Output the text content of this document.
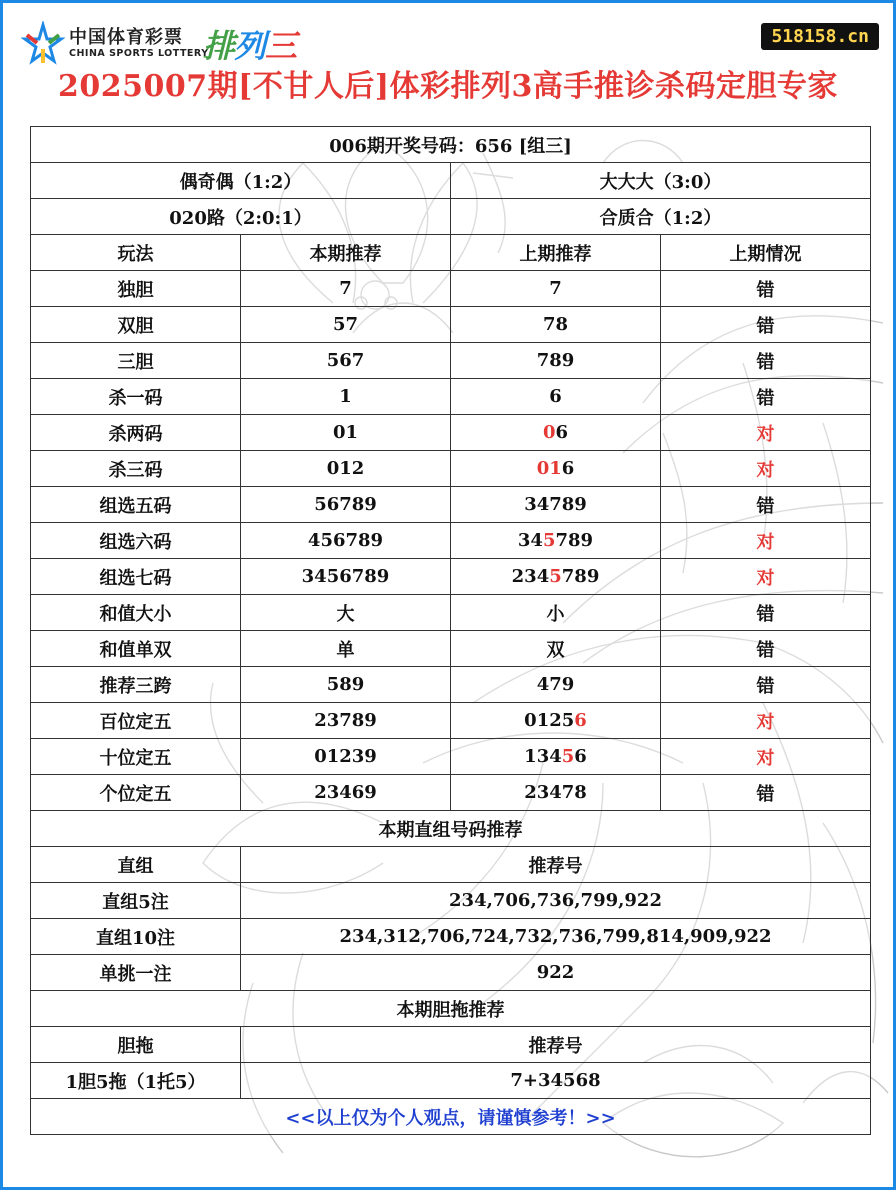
中国体育彩票
CHINA SPORTS LOTTERY
排列三	518158.cn
2025007期[不甘人后]体彩排列3高手推诊杀码定胆专家
006期开奖号码：656 [组三]			
偶奇偶（1:2）		大大大（3:0）	
020路（2:0:1）		合质合（1:2）	
玩法	本期推荐	上期推荐	上期情况
独胆	7	7	错
双胆	57	78	错
三胆	567	789	错
杀一码	1	6	错
杀两码	01	06	对
杀三码	012	016	对
组选五码	56789	34789	错
组选六码	456789	345789	对
组选七码	3456789	2345789	对
和值大小	大	小	错
和值单双	单	双	错
推荐三跨	589	479	错
百位定五	23789	01256	对
十位定五	01239	13456	对
个位定五	23469	23478	错
本期直组号码推荐			
直组	推荐号		
直组5注	234,706,736,799,922		
直组10注	234,312,706,724,732,736,799,814,909,922		
单挑一注	922		
本期胆拖推荐			
胆拖	推荐号		
1胆5拖（1托5）	7+34568		
<<以上仅为个人观点，请谨慎参考！>>			
